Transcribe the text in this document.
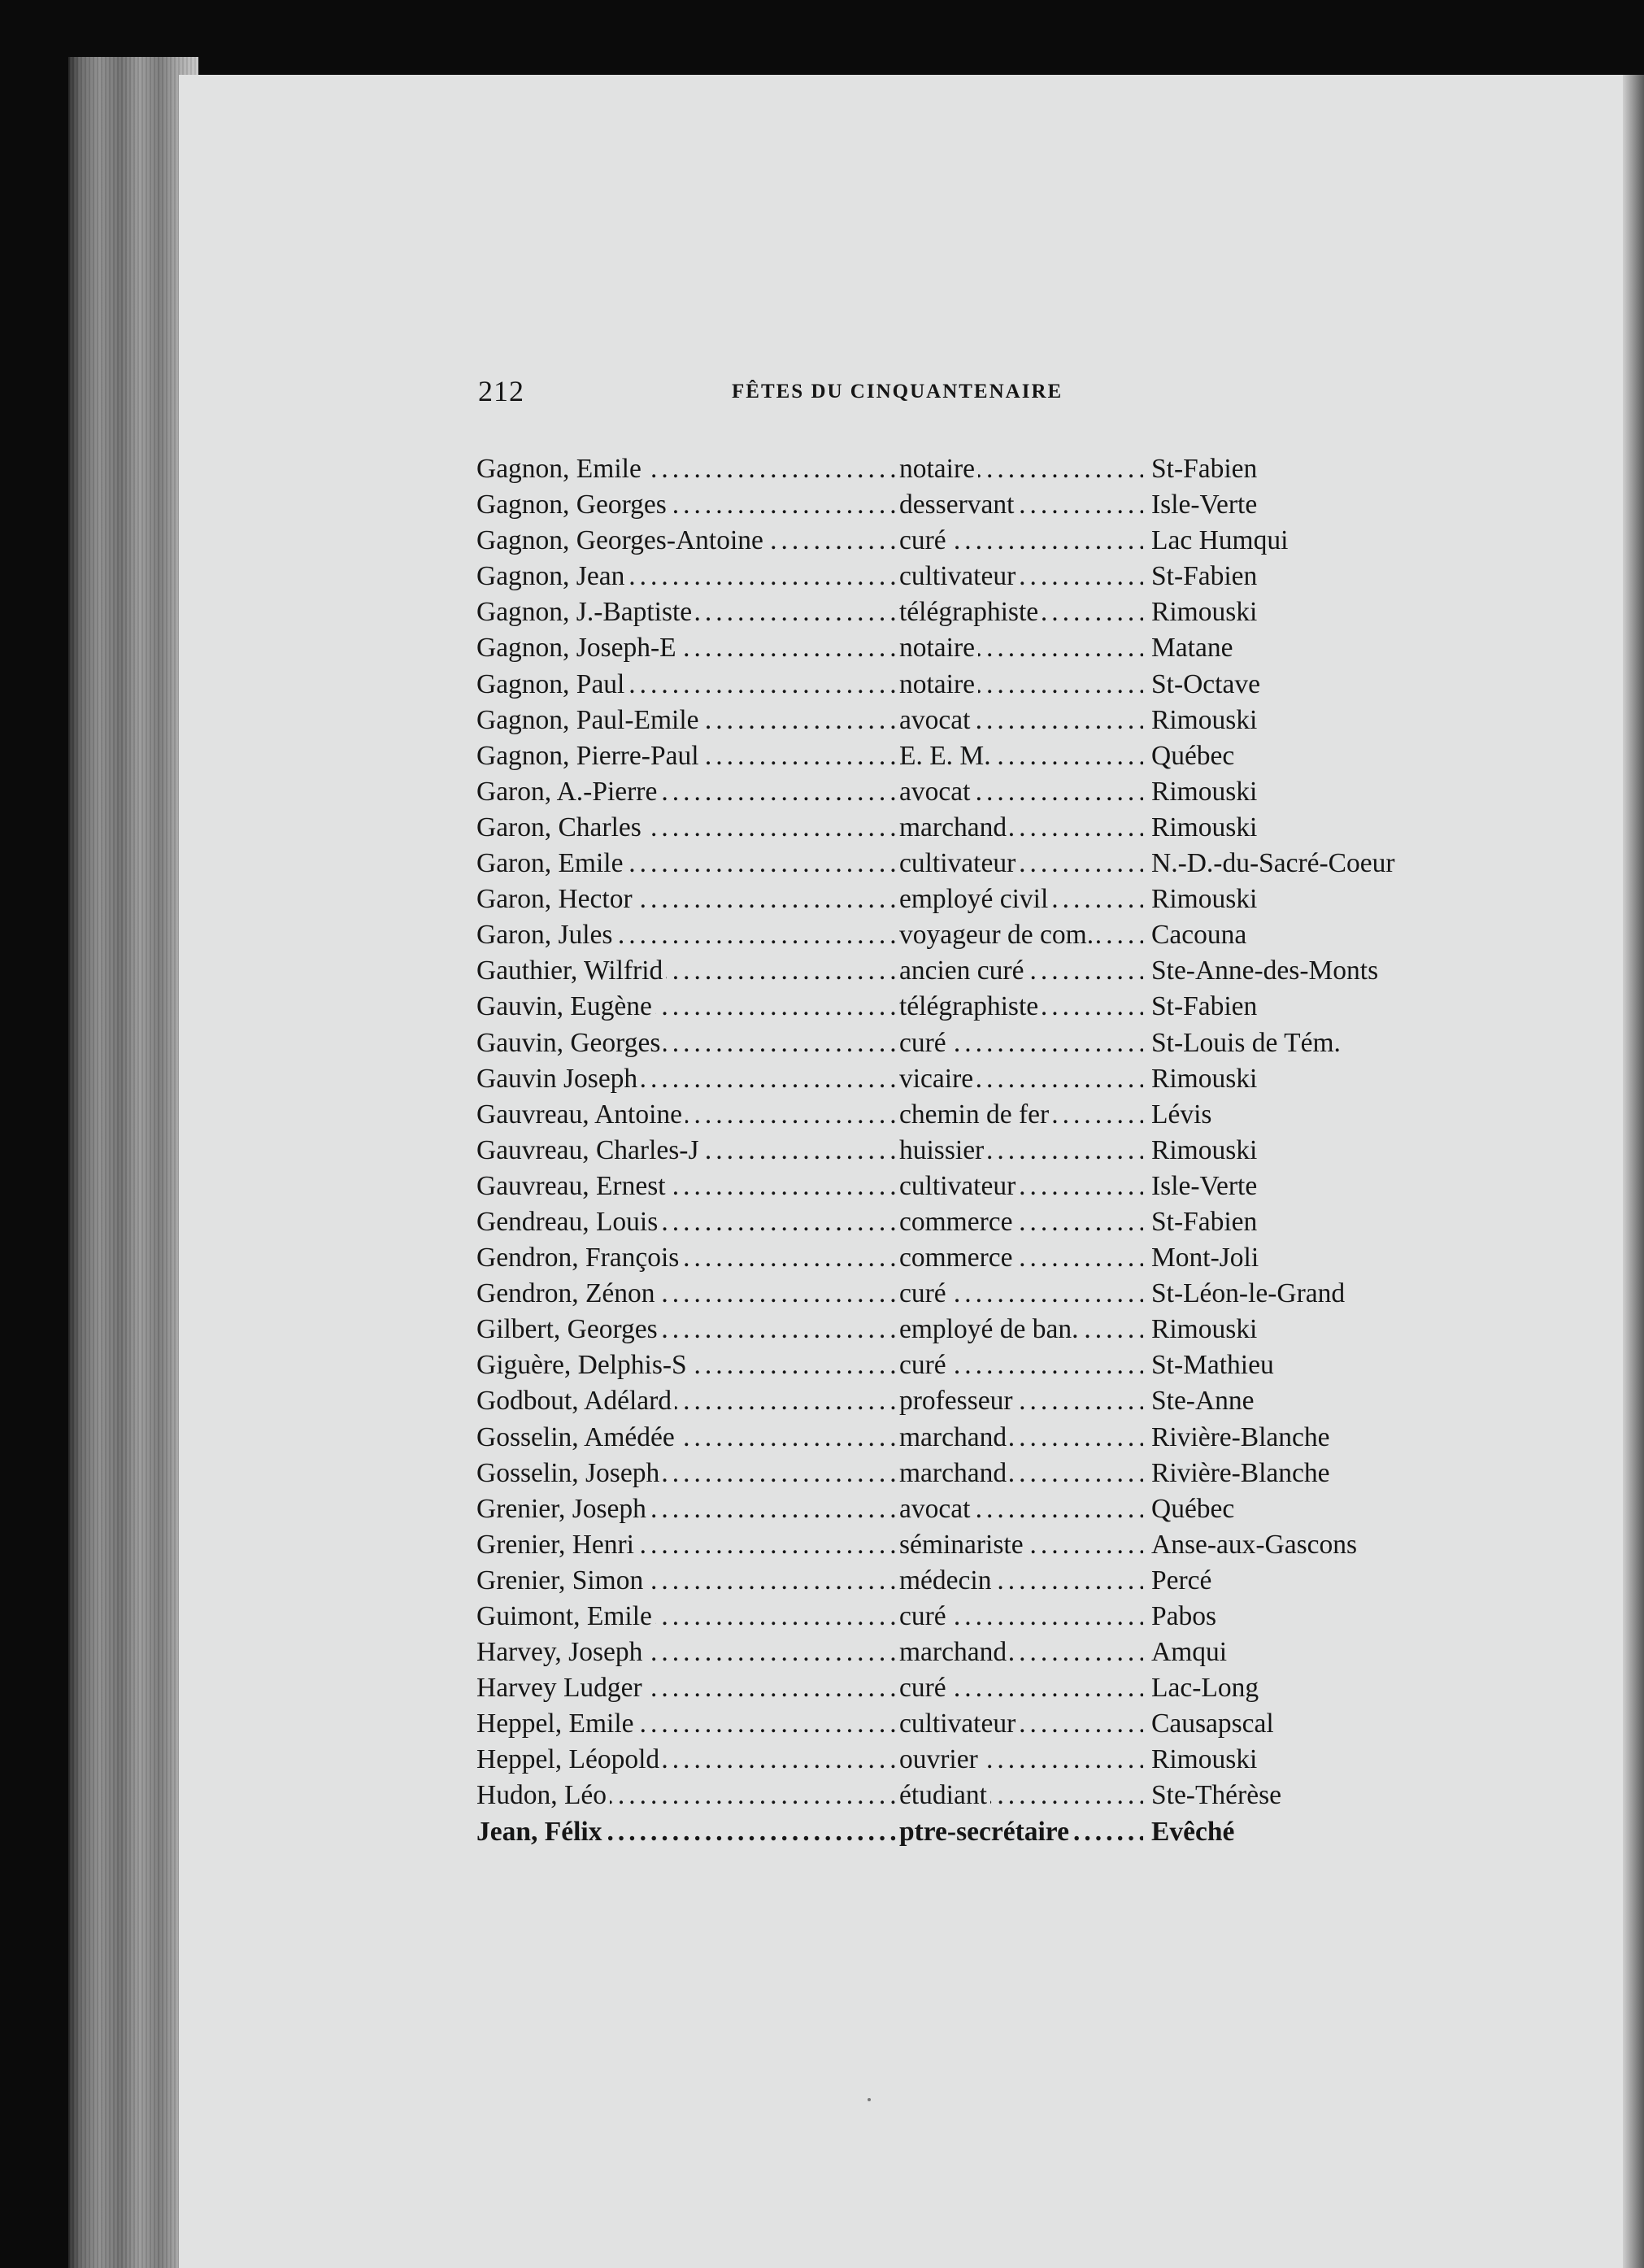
212	FÊTES DU CINQUANTENAIRE
Gagnon, Emile .....	notaire .....	St-Fabien
Gagnon, Georges .....	desservant .....	Isle-Verte
Gagnon, Georges-Antoine .....	curé .....	Lac Humqui
Gagnon, Jean .....	cultivateur .....	St-Fabien
Gagnon, J.-Baptiste .....	télégraphiste .....	Rimouski
Gagnon, Joseph-E .....	notaire .....	Matane
Gagnon, Paul .....	notaire .....	St-Octave
Gagnon, Paul-Emile .....	avocat .....	Rimouski
Gagnon, Pierre-Paul .....	E. E. M. .....	Québec
Garon, A.-Pierre .....	avocat .....	Rimouski
Garon, Charles .....	marchand .....	Rimouski
Garon, Emile .....	cultivateur .....	N.-D.-du-Sacré-Coeur
Garon, Hector .....	employé civil .....	Rimouski
Garon, Jules .....	voyageur de com. .....	Cacouna
Gauthier, Wilfrid .....	ancien curé .....	Ste-Anne-des-Monts
Gauvin, Eugène .....	télégraphiste .....	St-Fabien
Gauvin, Georges .....	curé .....	St-Louis de Tém.
Gauvin Joseph .....	vicaire .....	Rimouski
Gauvreau, Antoine .....	chemin de fer .....	Lévis
Gauvreau, Charles-J .....	huissier .....	Rimouski
Gauvreau, Ernest .....	cultivateur .....	Isle-Verte
Gendreau, Louis .....	commerce .....	St-Fabien
Gendron, François .....	commerce .....	Mont-Joli
Gendron, Zénon .....	curé .....	St-Léon-le-Grand
Gilbert, Georges .....	employé de ban. .....	Rimouski
Giguère, Delphis-S .....	curé .....	St-Mathieu
Godbout, Adélard .....	professeur .....	Ste-Anne
Gosselin, Amédée .....	marchand .....	Rivière-Blanche
Gosselin, Joseph .....	marchand .....	Rivière-Blanche
Grenier, Joseph .....	avocat .....	Québec
Grenier, Henri .....	séminariste .....	Anse-aux-Gascons
Grenier, Simon .....	médecin .....	Percé
Guimont, Emile .....	curé .....	Pabos
Harvey, Joseph .....	marchand .....	Amqui
Harvey Ludger .....	curé .....	Lac-Long
Heppel, Emile .....	cultivateur .....	Causapscal
Heppel, Léopold .....	ouvrier .....	Rimouski
Hudon, Léo .....	étudiant .....	Ste-Thérèse
Jean, Félix .....	ptre-secrétaire .....	Evêché
